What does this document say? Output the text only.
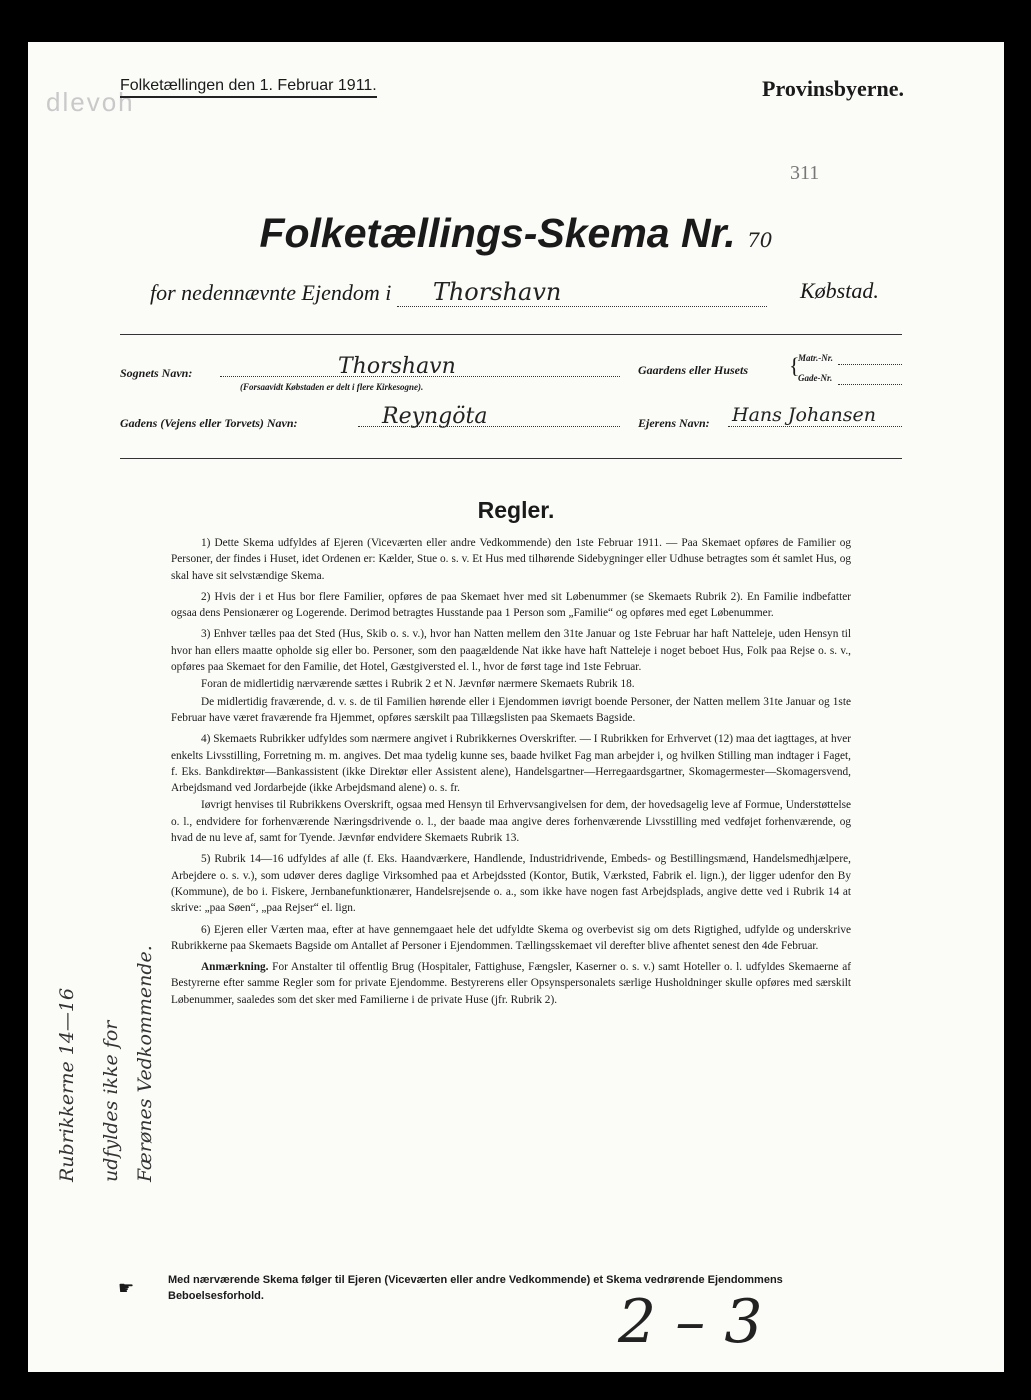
dlevoh
Folketællingen den 1. Februar 1911.	Provinsbyerne.
311
Folketællings-Skema Nr. 70
for nedennævnte Ejendom i Thorshavn	Købstad.
Sognets Navn:	Thorshavn
(Forsaavidt Købstaden er delt i flere Kirkesogne).
Gaardens eller Husets {
Matr.-Nr.
Gade-Nr.
Gadens (Vejens eller Torvets) Navn:	Reyngöta	Ejerens Navn: Hans Johansen
Regler.

1) Dette Skema udfyldes af Ejeren (Viceværten eller andre Vedkommende) den 1ste Februar 1911. — Paa Skemaet opføres de Familier og Personer, der findes i Huset, idet Ordenen er: Kælder, Stue o. s. v. Et Hus med tilhørende Sidebygninger eller Udhuse betragtes som ét samlet Hus, og skal have sit selvstændige Skema.

2) Hvis der i et Hus bor flere Familier, opføres de paa Skemaet hver med sit Løbenummer (se Skemaets Rubrik 2). En Familie indbefatter ogsaa dens Pensionærer og Logerende. Derimod betragtes Husstande paa 1 Person som „Familie“ og opføres med eget Løbenummer.

3) Enhver tælles paa det Sted (Hus, Skib o. s. v.), hvor han Natten mellem den 31te Januar og 1ste Februar har haft Natteleje, uden Hensyn til hvor han ellers maatte opholde sig eller bo. Personer, som den paagældende Nat ikke have haft Natteleje i noget beboet Hus, Folk paa Rejse o. s. v., opføres paa Skemaet for den Familie, det Hotel, Gæstgiversted el. l., hvor de først tage ind 1ste Februar.

Foran de midlertidig nærværende sættes i Rubrik 2 et N. Jævnfør nærmere Skemaets Rubrik 18.

De midlertidig fraværende, d. v. s. de til Familien hørende eller i Ejendommen iøvrigt boende Personer, der Natten mellem 31te Januar og 1ste Februar have været fraværende fra Hjemmet, opføres særskilt paa Tillægslisten paa Skemaets Bagside.

4) Skemaets Rubrikker udfyldes som nærmere angivet i Rubrikkernes Overskrifter. — I Rubrikken for Erhvervet (12) maa det iagttages, at hver enkelts Livsstilling, Forretning m. m. angives. Det maa tydelig kunne ses, baade hvilket Fag man arbejder i, og hvilken Stilling man indtager i Faget, f. Eks. Bankdirektør—Bankassistent (ikke Direktør eller Assistent alene), Handelsgartner—Herregaardsgartner, Skomagermester—Skomagersvend, Arbejdsmand ved Jordarbejde (ikke Arbejdsmand alene) o. s. fr.

Iøvrigt henvises til Rubrikkens Overskrift, ogsaa med Hensyn til Erhvervsangivelsen for dem, der hovedsagelig leve af Formue, Understøttelse o. l., endvidere for forhenværende Næringsdrivende o. l., der baade maa angive deres forhenværende Livsstilling med vedføjet forhenværende, og hvad de nu leve af, samt for Tyende. Jævnfør endvidere Skemaets Rubrik 13.

5) Rubrik 14—16 udfyldes af alle (f. Eks. Haandværkere, Handlende, Industridrivende, Embeds- og Bestillingsmænd, Handelsmedhjælpere, Arbejdere o. s. v.), som udøver deres daglige Virksomhed paa et Arbejdssted (Kontor, Butik, Værksted, Fabrik el. lign.), der ligger udenfor den By (Kommune), de bo i. Fiskere, Jernbanefunktionærer, Handelsrejsende o. a., som ikke have nogen fast Arbejdsplads, angive dette ved i Rubrik 14 at skrive: „paa Søen“, „paa Rejser“ el. lign.

6) Ejeren eller Værten maa, efter at have gennemgaaet hele det udfyldte Skema og overbevist sig om dets Rigtighed, udfylde og underskrive Rubrikkerne paa Skemaets Bagside om Antallet af Personer i Ejendommen. Tællingsskemaet vil derefter blive afhentet senest den 4de Februar.

Anmærkning. For Anstalter til offentlig Brug (Hospitaler, Fattighuse, Fængsler, Kaserner o. s. v.) samt Hoteller o. l. udfyldes Skemaerne af Bestyrerne efter samme Regler som for private Ejendomme. Bestyrerens eller Opsynspersonalets særlige Husholdninger skulle opføres med særskilt Løbenummer, saaledes som det sker med Familierne i de private Huse (jfr. Rubrik 2).

Rubrikkerne 14—16 udfyldes ikke for Færønes Vedkommende.
☛	Med nærværende Skema følger til Ejeren (Viceværten eller andre Vedkommende) et Skema vedrørende Ejendommens Beboelsesforhold.	2 – 3
